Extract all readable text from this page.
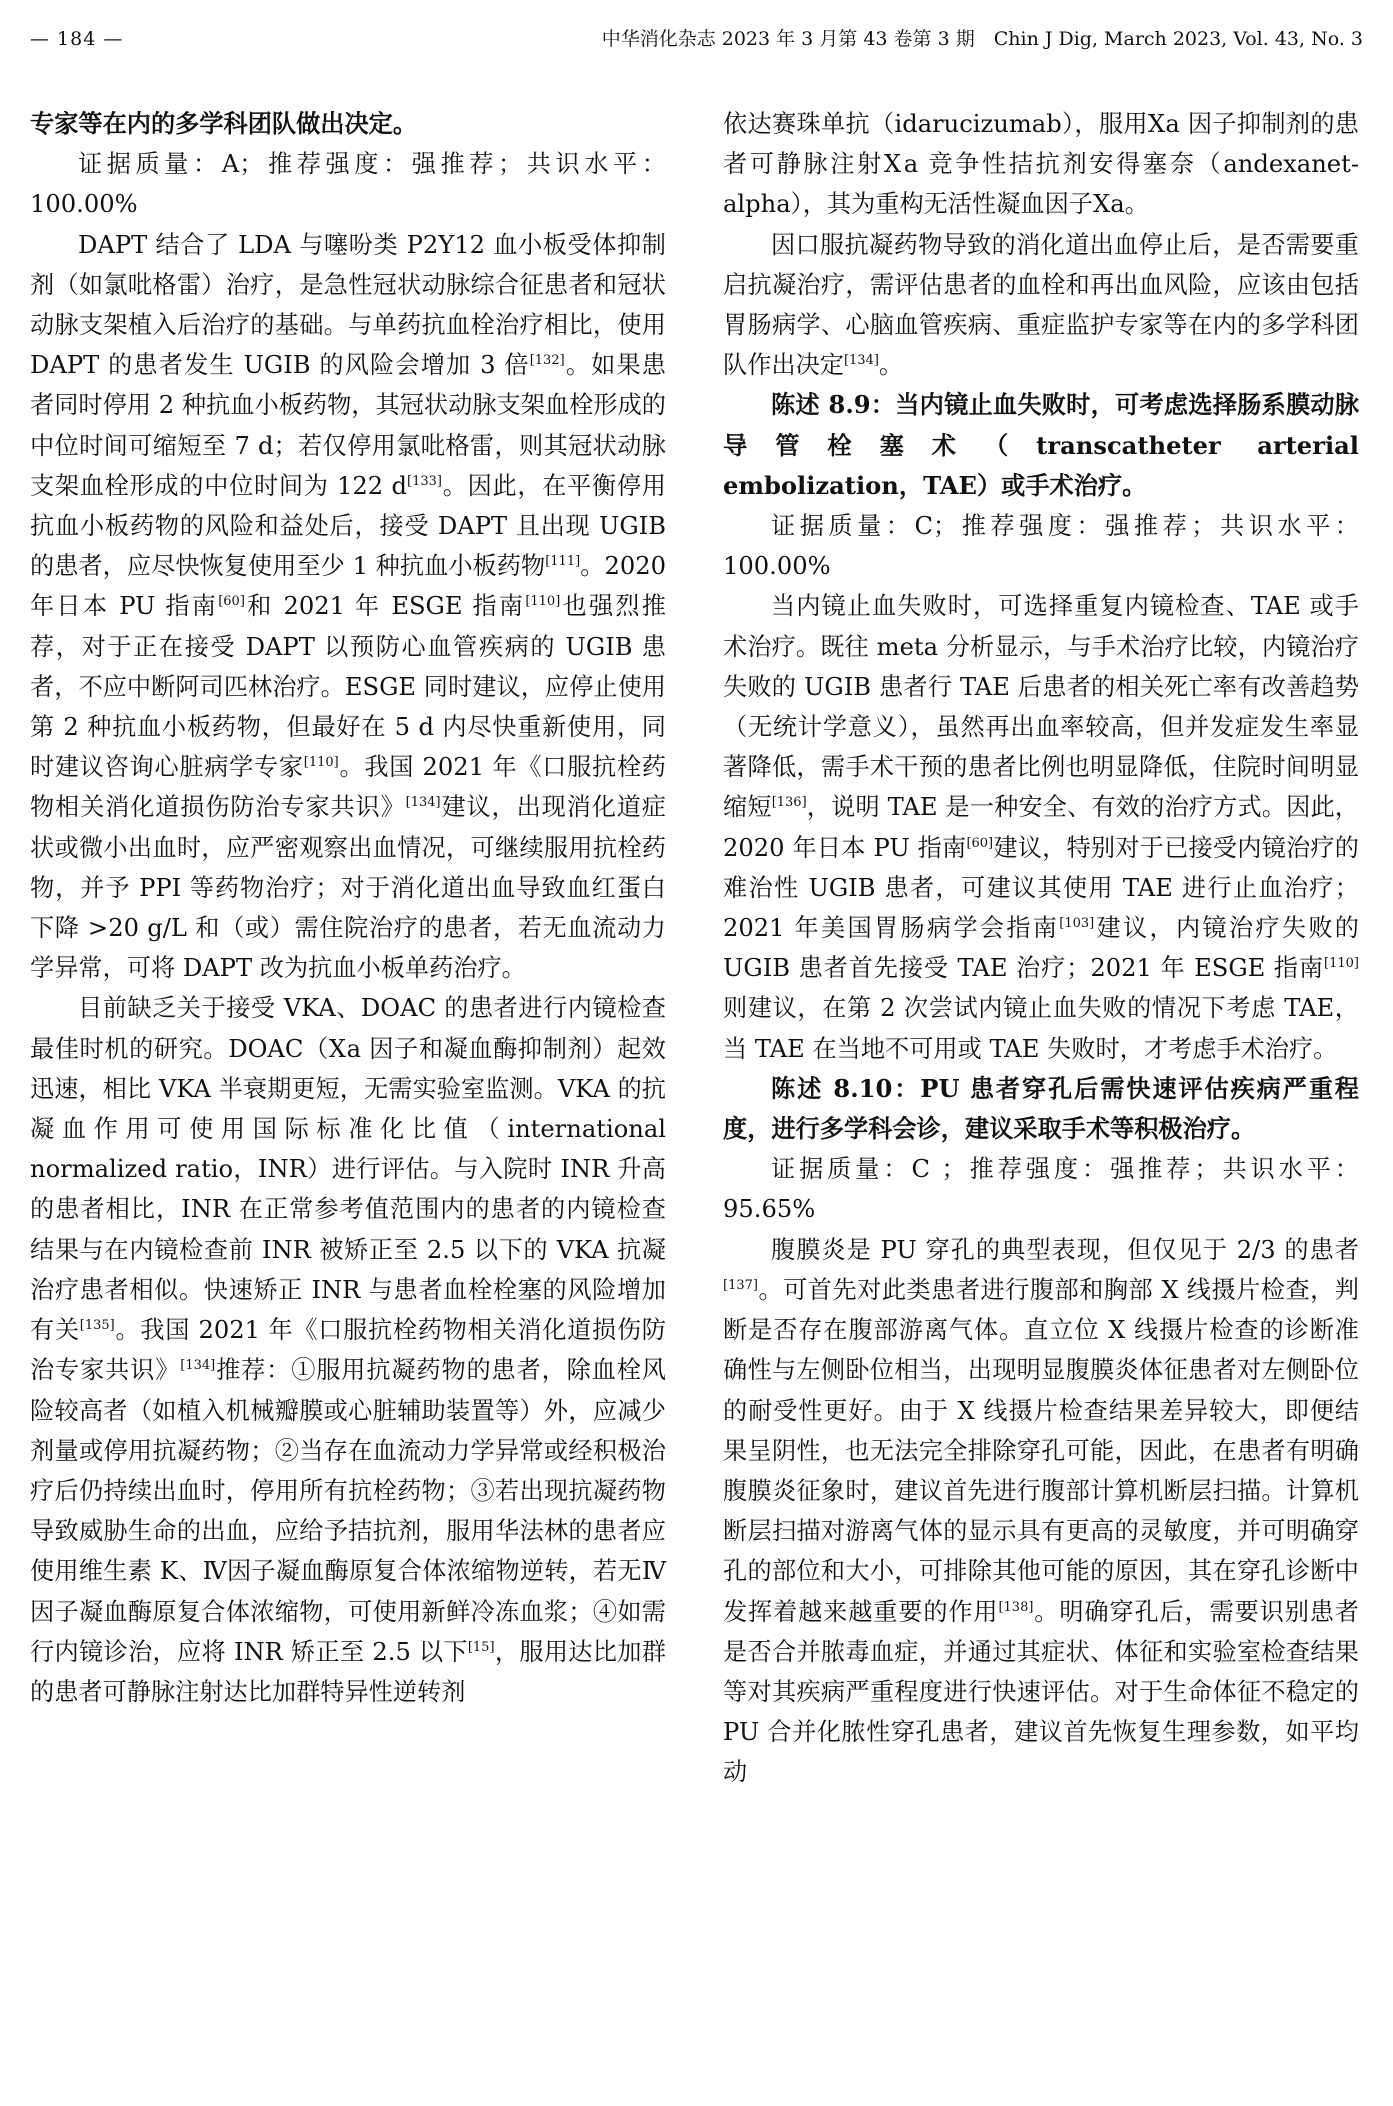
— 184 —	中华消化杂志 2023 年 3 月第 43 卷第 3 期　Chin J Dig, March 2023, Vol. 43, No. 3

专家等在内的多学科团队做出决定。

证据质量：A；推荐强度：强推荐；共识水平：100.00%

DAPT 结合了 LDA 与噻吩类 P2Y12 血小板受体抑制剂（如氯吡格雷）治疗，是急性冠状动脉综合征患者和冠状动脉支架植入后治疗的基础。与单药抗血栓治疗相比，使用 DAPT 的患者发生 UGIB 的风险会增加 3 倍[132]。如果患者同时停用 2 种抗血小板药物，其冠状动脉支架血栓形成的中位时间可缩短至 7 d；若仅停用氯吡格雷，则其冠状动脉支架血栓形成的中位时间为 122 d[133]。因此，在平衡停用抗血小板药物的风险和益处后，接受 DAPT 且出现 UGIB 的患者，应尽快恢复使用至少 1 种抗血小板药物[111]。2020 年日本 PU 指南[60]和 2021 年 ESGE 指南[110]也强烈推荐，对于正在接受 DAPT 以预防心血管疾病的 UGIB 患者，不应中断阿司匹林治疗。ESGE 同时建议，应停止使用第 2 种抗血小板药物，但最好在 5 d 内尽快重新使用，同时建议咨询心脏病学专家[110]。我国 2021 年《口服抗栓药物相关消化道损伤防治专家共识》[134]建议，出现消化道症状或微小出血时，应严密观察出血情况，可继续服用抗栓药物，并予 PPI 等药物治疗；对于消化道出血导致血红蛋白下降 >20 g/L 和（或）需住院治疗的患者，若无血流动力学异常，可将 DAPT 改为抗血小板单药治疗。

目前缺乏关于接受 VKA、DOAC 的患者进行内镜检查最佳时机的研究。DOAC（Ⅹa 因子和凝血酶抑制剂）起效迅速，相比 VKA 半衰期更短，无需实验室监测。VKA 的抗凝血作用可使用国际标准化比值（international normalized ratio，INR）进行评估。与入院时 INR 升高的患者相比，INR 在正常参考值范围内的患者的内镜检查结果与在内镜检查前 INR 被矫正至 2.5 以下的 VKA 抗凝治疗患者相似。快速矫正 INR 与患者血栓栓塞的风险增加有关[135]。我国 2021 年《口服抗栓药物相关消化道损伤防治专家共识》[134]推荐：①服用抗凝药物的患者，除血栓风险较高者（如植入机械瓣膜或心脏辅助装置等）外，应减少剂量或停用抗凝药物；②当存在血流动力学异常或经积极治疗后仍持续出血时，停用所有抗栓药物；③若出现抗凝药物导致威胁生命的出血，应给予拮抗剂，服用华法林的患者应使用维生素 K、Ⅳ因子凝血酶原复合体浓缩物逆转，若无Ⅳ因子凝血酶原复合体浓缩物，可使用新鲜冷冻血浆；④如需行内镜诊治，应将 INR 矫正至 2.5 以下[15]，服用达比加群的患者可静脉注射达比加群特异性逆转剂

依达赛珠单抗（idarucizumab），服用Ⅹa 因子抑制剂的患者可静脉注射Ⅹa 竞争性拮抗剂安得塞奈（andexanet-alpha），其为重构无活性凝血因子Ⅹa。

因口服抗凝药物导致的消化道出血停止后，是否需要重启抗凝治疗，需评估患者的血栓和再出血风险，应该由包括胃肠病学、心脑血管疾病、重症监护专家等在内的多学科团队作出决定[134]。

陈述 8.9：当内镜止血失败时，可考虑选择肠系膜动脉导管栓塞术（transcatheter arterial embolization，TAE）或手术治疗。

证据质量：C；推荐强度：强推荐；共识水平：100.00%

当内镜止血失败时，可选择重复内镜检查、TAE 或手术治疗。既往 meta 分析显示，与手术治疗比较，内镜治疗失败的 UGIB 患者行 TAE 后患者的相关死亡率有改善趋势（无统计学意义），虽然再出血率较高，但并发症发生率显著降低，需手术干预的患者比例也明显降低，住院时间明显缩短[136]，说明 TAE 是一种安全、有效的治疗方式。因此，2020 年日本 PU 指南[60]建议，特别对于已接受内镜治疗的难治性 UGIB 患者，可建议其使用 TAE 进行止血治疗；2021 年美国胃肠病学会指南[103]建议，内镜治疗失败的 UGIB 患者首先接受 TAE 治疗；2021 年 ESGE 指南[110]则建议，在第 2 次尝试内镜止血失败的情况下考虑 TAE，当 TAE 在当地不可用或 TAE 失败时，才考虑手术治疗。

陈述 8.10：PU 患者穿孔后需快速评估疾病严重程度，进行多学科会诊，建议采取手术等积极治疗。

证据质量：C ；推荐强度：强推荐；共识水平：95.65%

腹膜炎是 PU 穿孔的典型表现，但仅见于 2/3 的患者[137]。可首先对此类患者进行腹部和胸部 X 线摄片检查，判断是否存在腹部游离气体。直立位 X 线摄片检查的诊断准确性与左侧卧位相当，出现明显腹膜炎体征患者对左侧卧位的耐受性更好。由于 X 线摄片检查结果差异较大，即便结果呈阴性，也无法完全排除穿孔可能，因此，在患者有明确腹膜炎征象时，建议首先进行腹部计算机断层扫描。计算机断层扫描对游离气体的显示具有更高的灵敏度，并可明确穿孔的部位和大小，可排除其他可能的原因，其在穿孔诊断中发挥着越来越重要的作用[138]。明确穿孔后，需要识别患者是否合并脓毒血症，并通过其症状、体征和实验室检查结果等对其疾病严重程度进行快速评估。对于生命体征不稳定的 PU 合并化脓性穿孔患者，建议首先恢复生理参数，如平均动
